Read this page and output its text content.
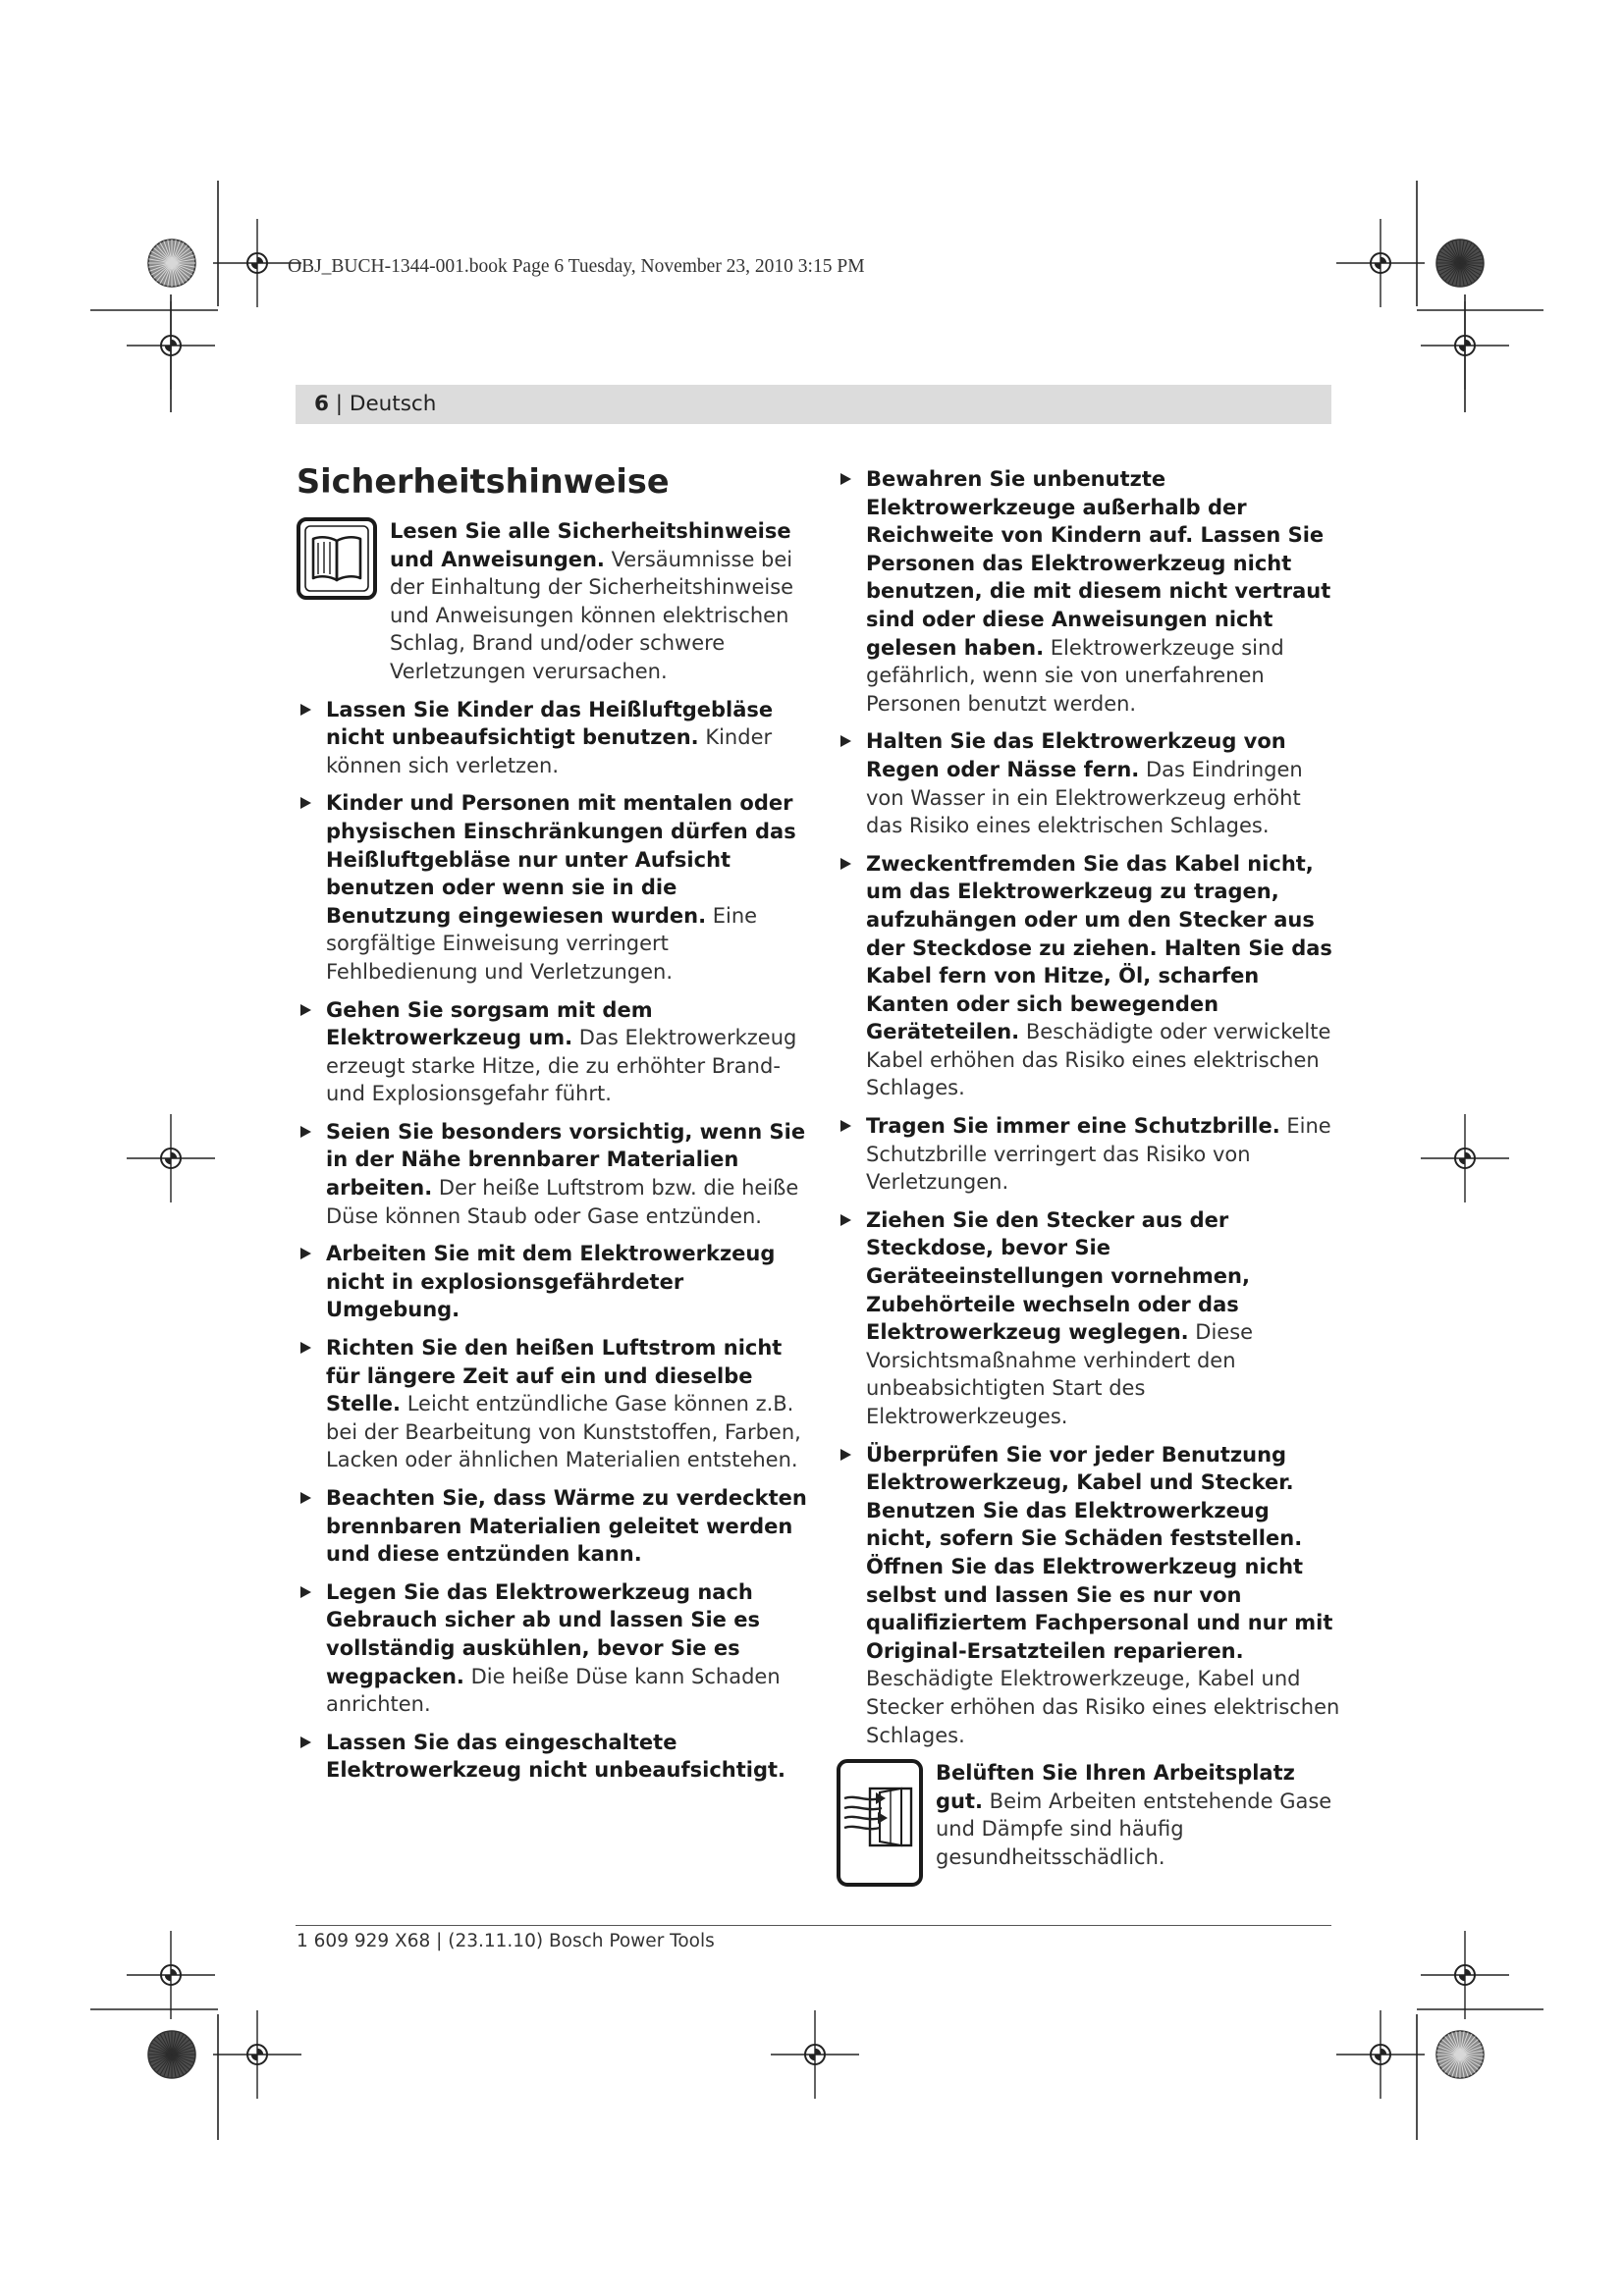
OBJ_BUCH-1344-001.book Page 6 Tuesday, November 23, 2010 3:15 PM
6 | Deutsch
Sicherheitshinweise
Lesen Sie alle Sicherheitshinweise und Anweisungen. Versäumnisse bei der Einhaltung der Sicherheitshinweise und Anweisungen können elektrischen Schlag, Brand und/oder schwere Verletzungen verursachen.
Lassen Sie Kinder das Heißluftgebläse nicht unbeaufsichtigt benutzen. Kinder können sich verletzen.
Kinder und Personen mit mentalen oder physischen Einschränkungen dürfen das Heißluftgebläse nur unter Aufsicht benutzen oder wenn sie in die Benutzung eingewiesen wurden. Eine sorgfältige Einweisung verringert Fehlbedienung und Verletzungen.
Gehen Sie sorgsam mit dem Elektrowerkzeug um. Das Elektrowerkzeug erzeugt starke Hitze, die zu erhöhter Brand- und Explosionsgefahr führt.
Seien Sie besonders vorsichtig, wenn Sie in der Nähe brennbarer Materialien arbeiten. Der heiße Luftstrom bzw. die heiße Düse können Staub oder Gase entzünden.
Arbeiten Sie mit dem Elektrowerkzeug nicht in explosionsgefährdeter Umgebung.
Richten Sie den heißen Luftstrom nicht für längere Zeit auf ein und dieselbe Stelle. Leicht entzündliche Gase können z.B. bei der Bearbeitung von Kunststoffen, Farben, Lacken oder ähnlichen Materialien entstehen.
Beachten Sie, dass Wärme zu verdeckten brennbaren Materialien geleitet werden und diese entzünden kann.
Legen Sie das Elektrowerkzeug nach Gebrauch sicher ab und lassen Sie es vollständig auskühlen, bevor Sie es wegpacken. Die heiße Düse kann Schaden anrichten.
Lassen Sie das eingeschaltete Elektrowerkzeug nicht unbeaufsichtigt.
Bewahren Sie unbenutzte Elektrowerkzeuge außerhalb der Reichweite von Kindern auf. Lassen Sie Personen das Elektrowerkzeug nicht benutzen, die mit diesem nicht vertraut sind oder diese Anweisungen nicht gelesen haben. Elektrowerkzeuge sind gefährlich, wenn sie von unerfahrenen Personen benutzt werden.
Halten Sie das Elektrowerkzeug von Regen oder Nässe fern. Das Eindringen von Wasser in ein Elektrowerkzeug erhöht das Risiko eines elektrischen Schlages.
Zweckentfremden Sie das Kabel nicht, um das Elektrowerkzeug zu tragen, aufzuhängen oder um den Stecker aus der Steckdose zu ziehen. Halten Sie das Kabel fern von Hitze, Öl, scharfen Kanten oder sich bewegenden Geräteteilen. Beschädigte oder verwickelte Kabel erhöhen das Risiko eines elektrischen Schlages.
Tragen Sie immer eine Schutzbrille. Eine Schutzbrille verringert das Risiko von Verletzungen.
Ziehen Sie den Stecker aus der Steckdose, bevor Sie Geräteeinstellungen vornehmen, Zubehörteile wechseln oder das Elektrowerkzeug weglegen. Diese Vorsichtsmaßnahme verhindert den unbeabsichtigten Start des Elektrowerkzeuges.
Überprüfen Sie vor jeder Benutzung Elektrowerkzeug, Kabel und Stecker. Benutzen Sie das Elektrowerkzeug nicht, sofern Sie Schäden feststellen. Öffnen Sie das Elektrowerkzeug nicht selbst und lassen Sie es nur von qualifiziertem Fachpersonal und nur mit Original-Ersatzteilen reparieren. Beschädigte Elektrowerkzeuge, Kabel und Stecker erhöhen das Risiko eines elektrischen Schlages.
Belüften Sie Ihren Arbeitsplatz gut. Beim Arbeiten entstehende Gase und Dämpfe sind häufig gesundheitsschädlich.
1 609 929 X68 | (23.11.10) Bosch Power Tools
